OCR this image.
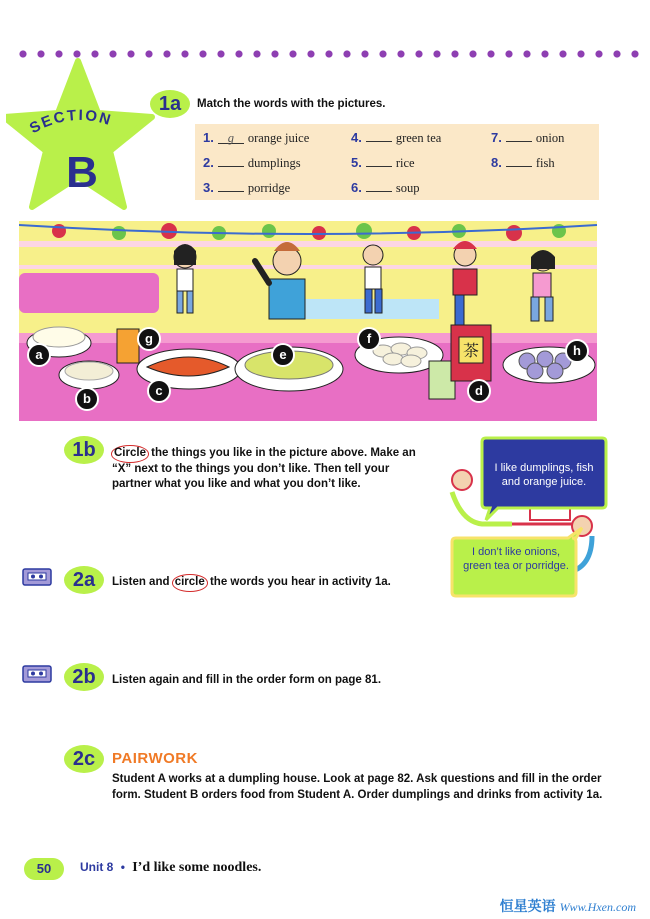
SECTION
B
1a	Match the words with the pictures.
1. g orange juice
2.	dumplings
3.	porridge
4.	green tea
5.	rice
6.	soup
7.	onion
8.	fish
茶
a
b
c	d
e
f
g
h
1b	Circle the things you like in the picture above. Make an “X” next to the things you don’t like. Then tell your partner what you like and what you don’t like.
I like dumplings, fish and orange juice.
I don’t like onions, green tea or porridge.
2a	Listen and circle the words you hear in activity 1a.
2b	Listen again and fill in the order form on page 81.
2c	PAIRWORK
Student A works at a dumpling house. Look at page 82. Ask questions and fill in the order form. Student B orders food from Student A. Order dumplings and drinks from activity 1a.
50	Unit 8 • I’d like some noodles.
恒星英语 Www.Hxen.com
